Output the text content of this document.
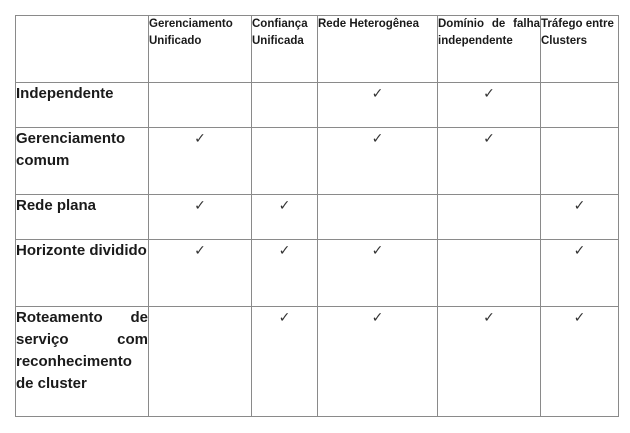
	Gerenciamento Unificado	Confiança Unificada	Rede Heterogênea	Domínio de falha independente	Tráfego entre Clusters
Independente			✓	✓	
Gerenciamento comum	✓		✓	✓	
Rede plana	✓	✓			✓
Horizonte dividido	✓	✓	✓		✓
Roteamento de serviço com reconhecimento de cluster		✓	✓	✓	✓
